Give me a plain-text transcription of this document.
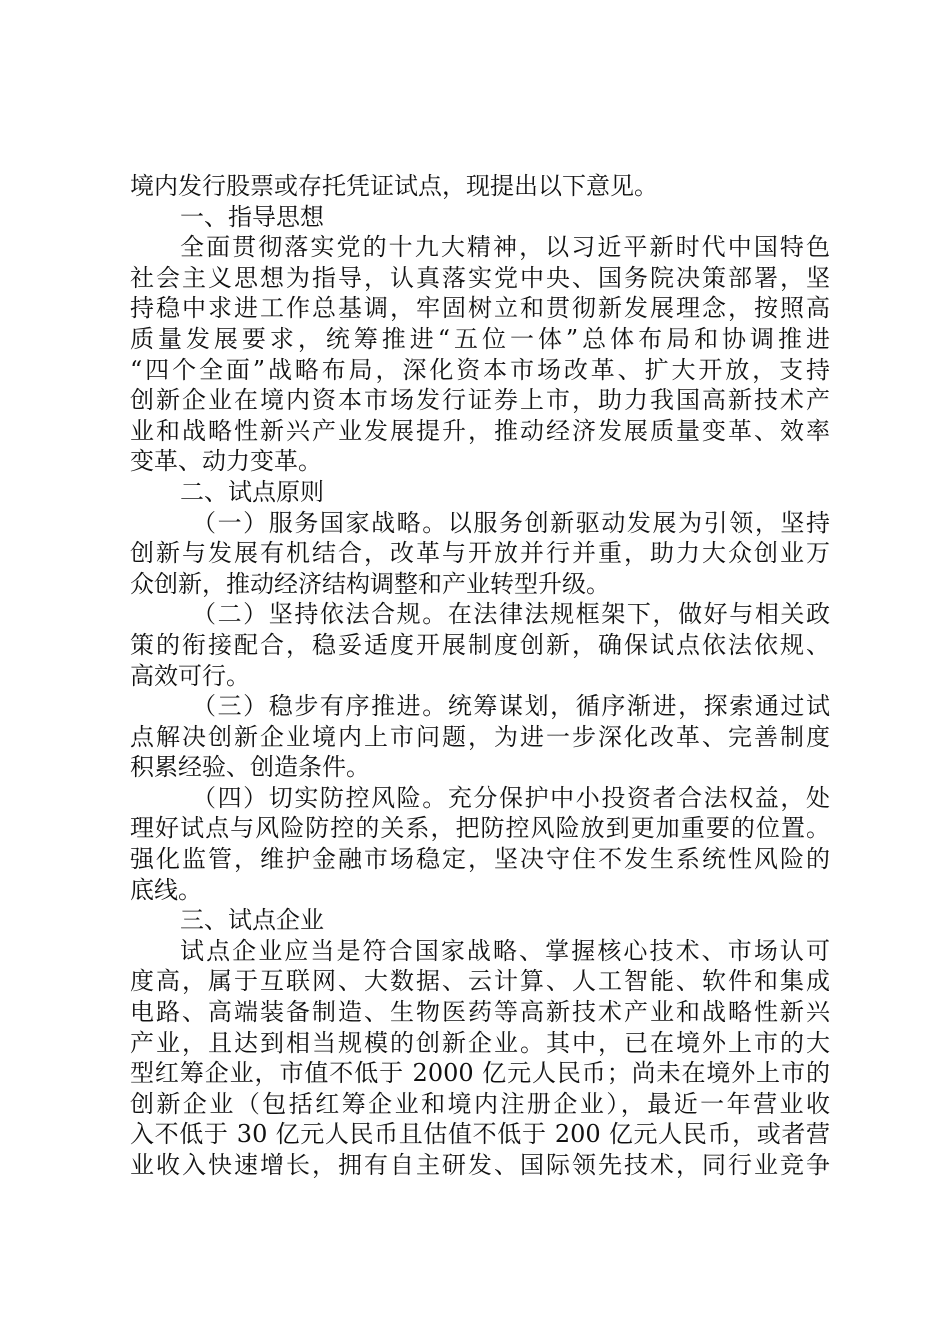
境内发行股票或存托凭证试点，现提出以下意见。
一、指导思想
全面贯彻落实党的十九大精神，以习近平新时代中国特色
社会主义思想为指导，认真落实党中央、国务院决策部署，坚
持稳中求进工作总基调，牢固树立和贯彻新发展理念，按照高
质量发展要求，统筹推进“五位一体”总体布局和协调推进
“四个全面”战略布局，深化资本市场改革、扩大开放，支持
创新企业在境内资本市场发行证券上市，助力我国高新技术产
业和战略性新兴产业发展提升，推动经济发展质量变革、效率
变革、动力变革。
二、试点原则
（一）服务国家战略。以服务创新驱动发展为引领，坚持
创新与发展有机结合，改革与开放并行并重，助力大众创业万
众创新，推动经济结构调整和产业转型升级。
（二）坚持依法合规。在法律法规框架下，做好与相关政
策的衔接配合，稳妥适度开展制度创新，确保试点依法依规、
高效可行。
（三）稳步有序推进。统筹谋划，循序渐进，探索通过试
点解决创新企业境内上市问题，为进一步深化改革、完善制度
积累经验、创造条件。
（四）切实防控风险。充分保护中小投资者合法权益，处
理好试点与风险防控的关系，把防控风险放到更加重要的位置。
强化监管，维护金融市场稳定，坚决守住不发生系统性风险的
底线。
三、试点企业
试点企业应当是符合国家战略、掌握核心技术、市场认可
度高，属于互联网、大数据、云计算、人工智能、软件和集成
电路、高端装备制造、生物医药等高新技术产业和战略性新兴
产业，且达到相当规模的创新企业。其中，已在境外上市的大
型红筹企业，市值不低于 2000 亿元人民币；尚未在境外上市的
创新企业（包括红筹企业和境内注册企业），最近一年营业收
入不低于 30 亿元人民币且估值不低于 200 亿元人民币，或者营
业收入快速增长，拥有自主研发、国际领先技术，同行业竞争
